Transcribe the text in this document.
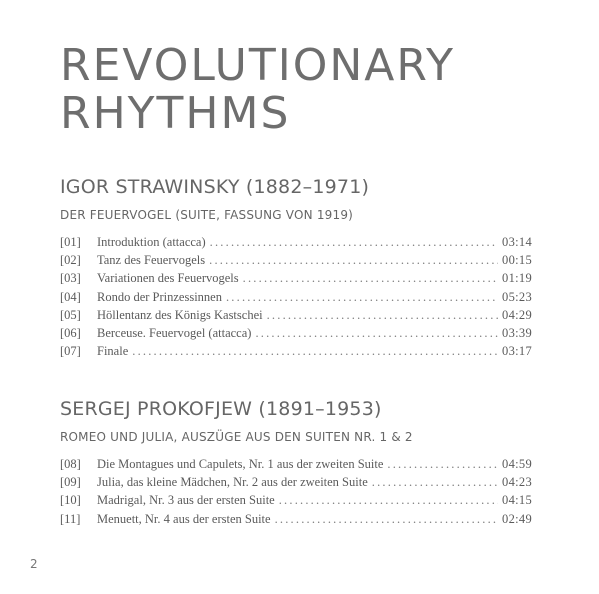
REVOLUTIONARY
RHYTHMS
IGOR STRAWINSKY (1882–1971)
DER FEUERVOGEL (SUITE, FASSUNG VON 1919)
[01]	Introduktion (attacca) .....	03:14
[02]	Tanz des Feuervogels .....	00:15
[03]	Variationen des Feuervogels .....	01:19
[04]	Rondo der Prinzessinnen .....	05:23
[05]	Höllentanz des Königs Kastschei .....	04:29
[06]	Berceuse. Feuervogel (attacca) .....	03:39
[07]	Finale .....	03:17
SERGEJ PROKOFJEW (1891–1953)
ROMEO UND JULIA, AUSZÜGE AUS DEN SUITEN NR. 1 & 2
[08]	Die Montagues und Capulets, Nr. 1 aus der zweiten Suite .....	04:59
[09]	Julia, das kleine Mädchen, Nr. 2 aus der zweiten Suite .....	04:23
[10]	Madrigal, Nr. 3 aus der ersten Suite .....	04:15
[11]	Menuett, Nr. 4 aus der ersten Suite .....	02:49
2
